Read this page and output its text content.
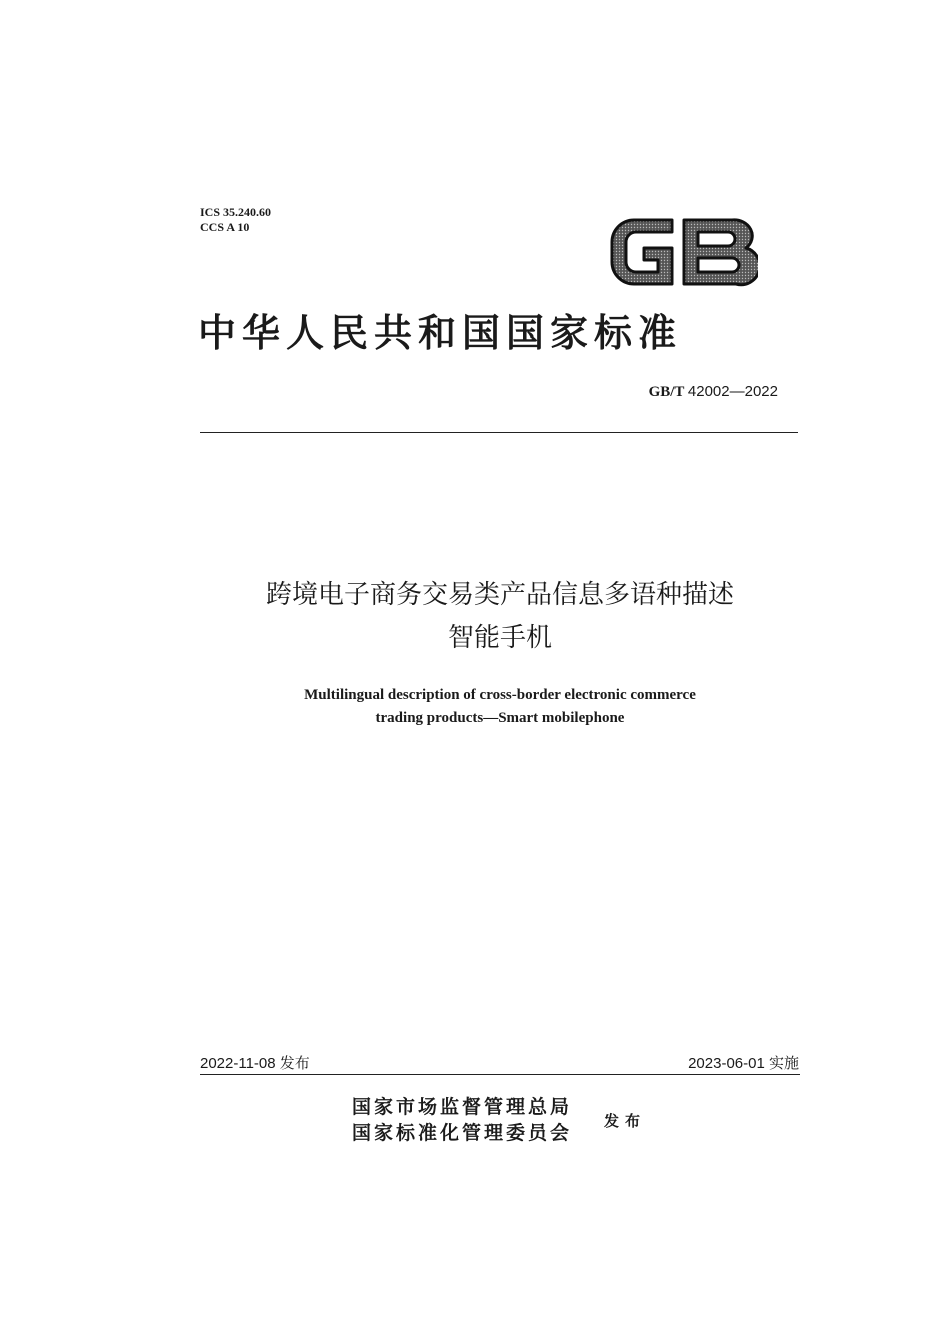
ICS 35.240.60
CCS A 10
中华人民共和国国家标准
GB/T 42002—2022
跨境电子商务交易类产品信息多语种描述
智能手机
Multilingual description of cross-border electronic commerce
trading products—Smart mobilephone
2022-11-08 发布	2023-06-01 实施
国家市场监督管理总局
国家标准化管理委员会
发布
